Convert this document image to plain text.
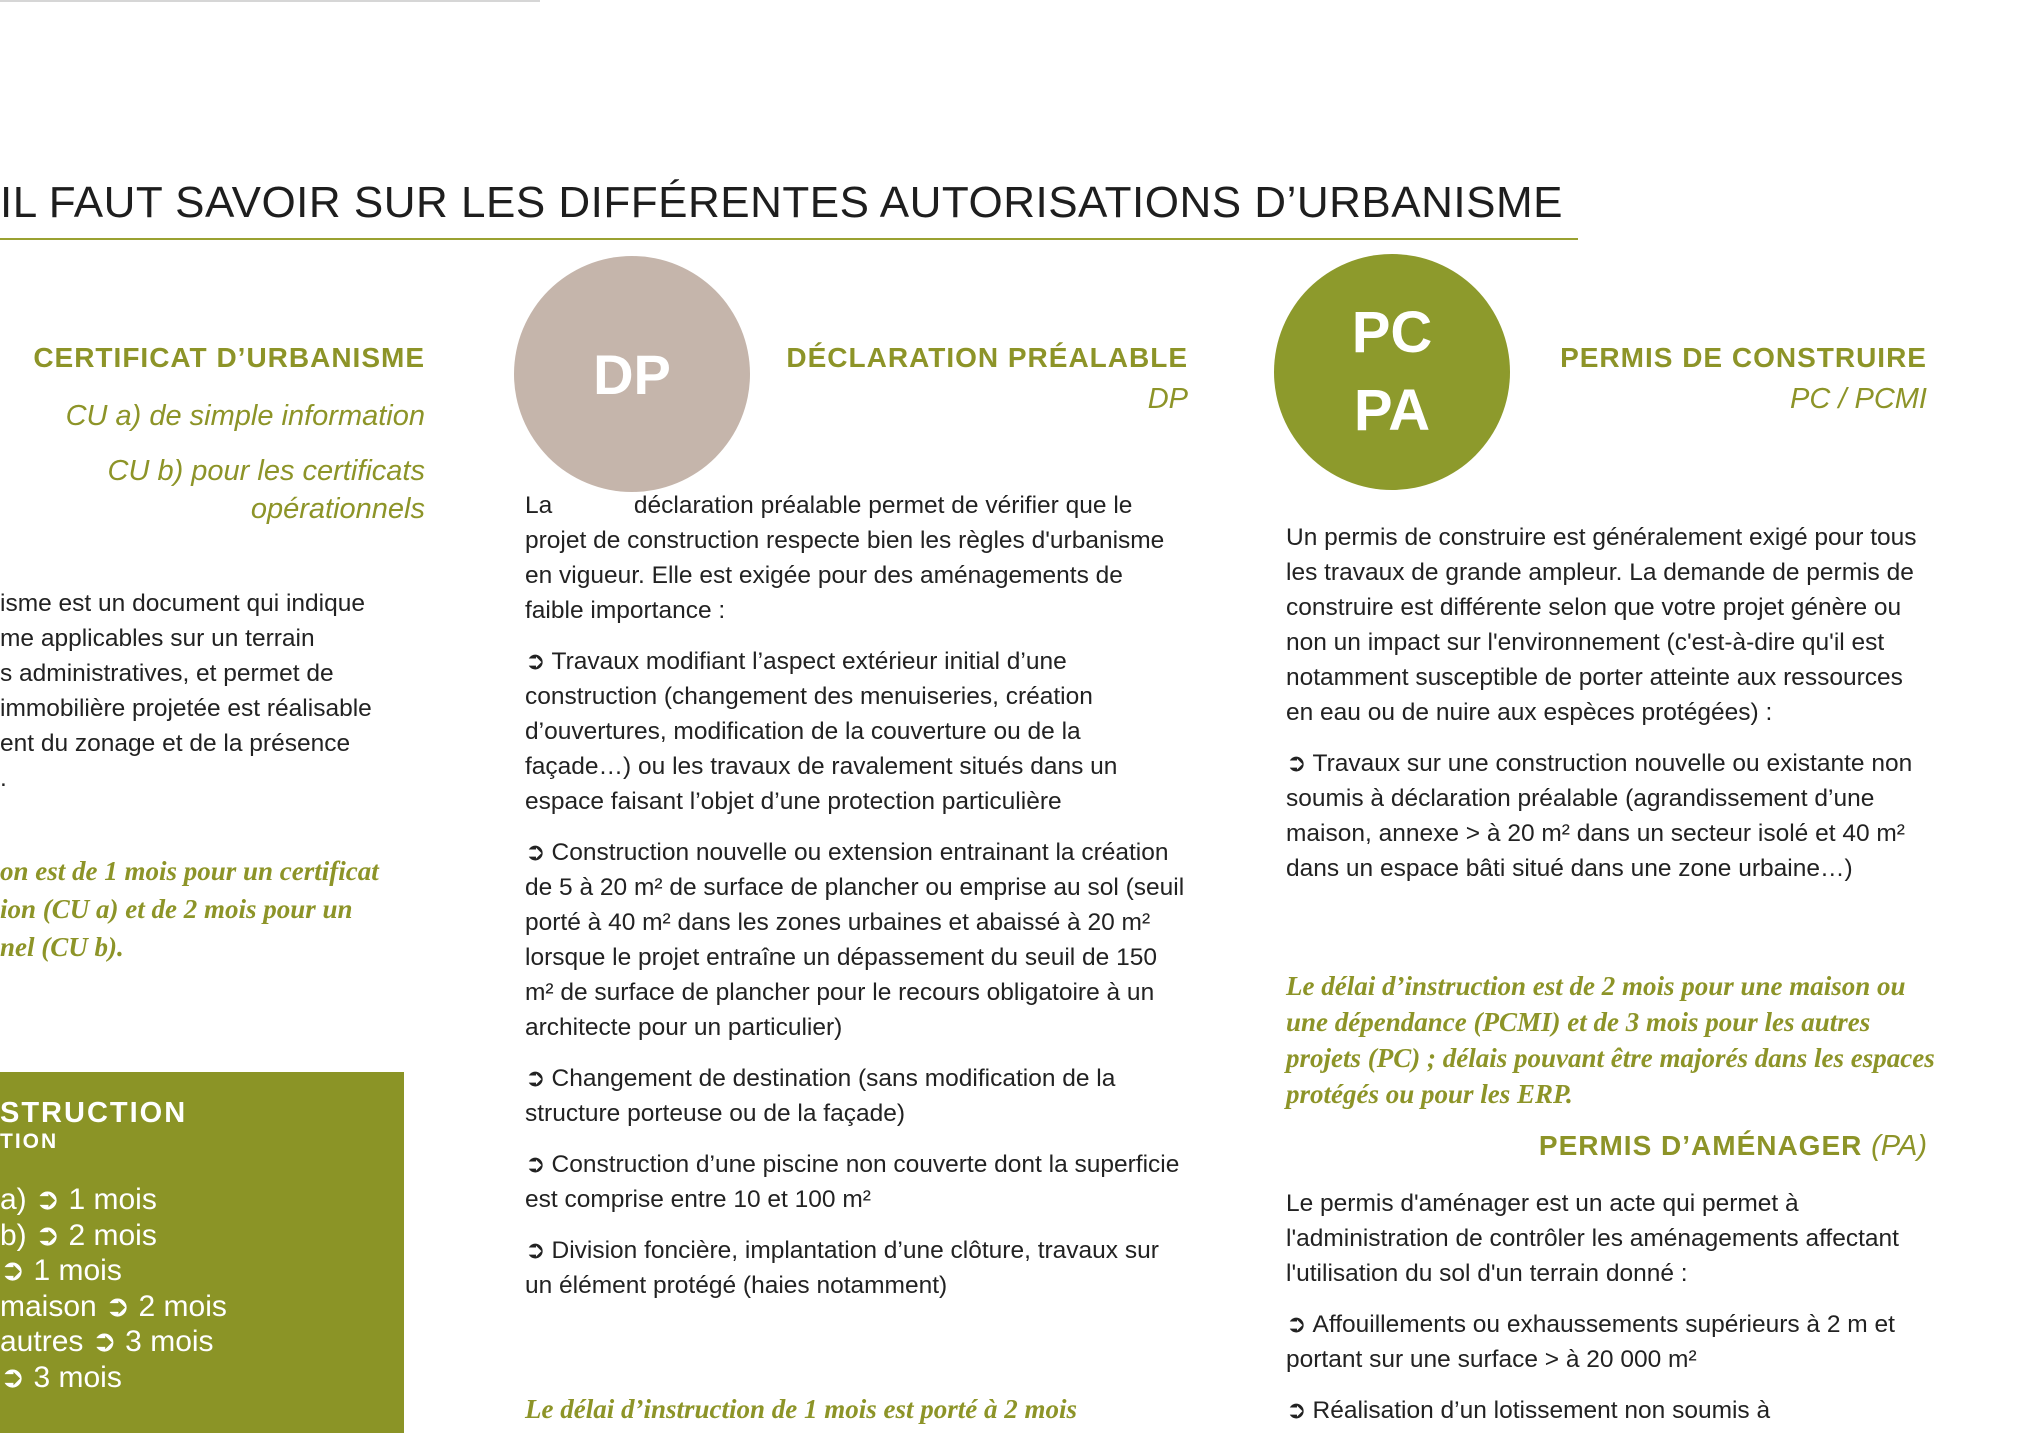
IL FAUT SAVOIR SUR LES DIFFÉRENTES AUTORISATIONS D’URBANISME
CERTIFICAT D’URBANISME
CU a) de simple information
CU b) pour les certificats
opérationnels
isme est un document qui indique
me applicables sur un terrain
s administratives, et permet de
immobilière projetée est réalisable
ent du zonage et de la présence
.
on est de 1 mois pour un certificat
ion (CU a) et de 2 mois pour un
nel (CU b).
STRUCTION
TION
a) ➲ 1 mois
b) ➲ 2 mois
➲ 1 mois
maison ➲ 2 mois
autres ➲ 3 mois
➲ 3 mois
DP	DÉCLARATION PRÉALABLE
DP

La            déclaration préalable permet de vérifier que le projet de construction respecte bien les règles d'urbanisme en vigueur. Elle est exigée pour des aménagements de faible importance :

➲ Travaux modifiant l’aspect extérieur initial d’une construction (changement des menuiseries, création d’ouvertures, modification de la couverture ou de la façade…) ou les travaux de ravalement situés dans un espace faisant l’objet d’une protection particulière

➲ Construction nouvelle ou extension entrainant la création de 5 à 20 m² de surface de plancher ou emprise au sol (seuil porté à 40 m² dans les zones urbaines et abaissé à 20 m² lorsque le projet entraîne un dépassement du seuil de 150 m² de surface de plancher pour le recours obligatoire à un architecte pour un particulier)

➲ Changement de destination (sans modification de la structure porteuse ou de la façade)

➲ Construction d’une piscine non couverte dont la superficie est comprise entre 10 et 100 m²

➲ Division foncière, implantation d’une clôture, travaux sur un élément protégé (haies notamment)

Le délai d’instruction de 1 mois est porté à 2 mois
PC
PA
PERMIS DE CONSTRUIRE
PC / PCMI

Un permis de construire est généralement exigé pour tous les travaux de grande ampleur. La demande de permis de construire est différente selon que votre projet génère ou non un impact sur l'environnement (c'est-à-dire qu'il est notamment susceptible de porter atteinte aux ressources en eau ou de nuire aux espèces protégées) :

➲ Travaux sur une construction nouvelle ou existante non soumis à déclaration préalable (agrandissement d’une maison, annexe > à 20 m² dans un secteur isolé et 40 m² dans un espace bâti situé dans une zone urbaine…)

Le délai d’instruction est de 2 mois pour une maison ou une dépendance (PCMI) et de 3 mois pour les autres projets (PC) ; délais pouvant être majorés dans les espaces protégés ou pour les ERP.
PERMIS D’AMÉNAGER (PA)

Le permis d'aménager est un acte qui permet à l'administration de contrôler les aménagements affectant l'utilisation du sol d'un terrain donné :

➲ Affouillements ou exhaussements supérieurs à 2 m et portant sur une surface > à 20 000 m²

➲ Réalisation d’un lotissement non soumis à
